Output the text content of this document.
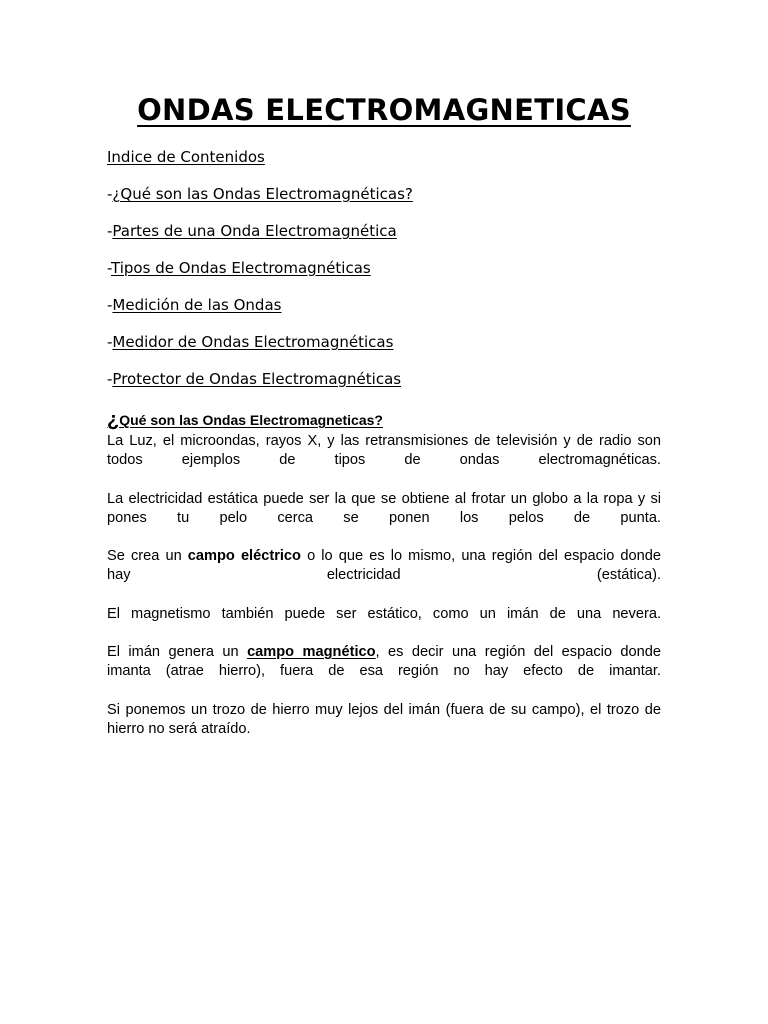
ONDAS ELECTROMAGNETICAS
Indice de Contenidos
-¿Qué son las Ondas Electromagnéticas?
-Partes de una Onda Electromagnética
-Tipos de Ondas Electromagnéticas
-Medición de las Ondas
-Medidor de Ondas Electromagnéticas
-Protector de Ondas Electromagnéticas
¿Qué son las Ondas Electromagneticas?

La Luz, el microondas, rayos X, y las retransmisiones de televisión y de radio son

todos ejemplos de tipos de ondas electromagnéticas.

La electricidad estática puede ser la que se obtiene al frotar un globo a la ropa y si

pones tu pelo cerca se ponen los pelos de punta.

Se crea un campo eléctrico o lo que es lo mismo, una región del espacio donde

hay electricidad (estática).

El magnetismo también puede ser estático, como un imán de una nevera.

El imán genera un campo magnético, es decir una región del espacio donde

imanta (atrae hierro), fuera de esa región no hay efecto de imantar.

Si ponemos un trozo de hierro muy lejos del imán (fuera de su campo), el trozo de

hierro no será atraído.
